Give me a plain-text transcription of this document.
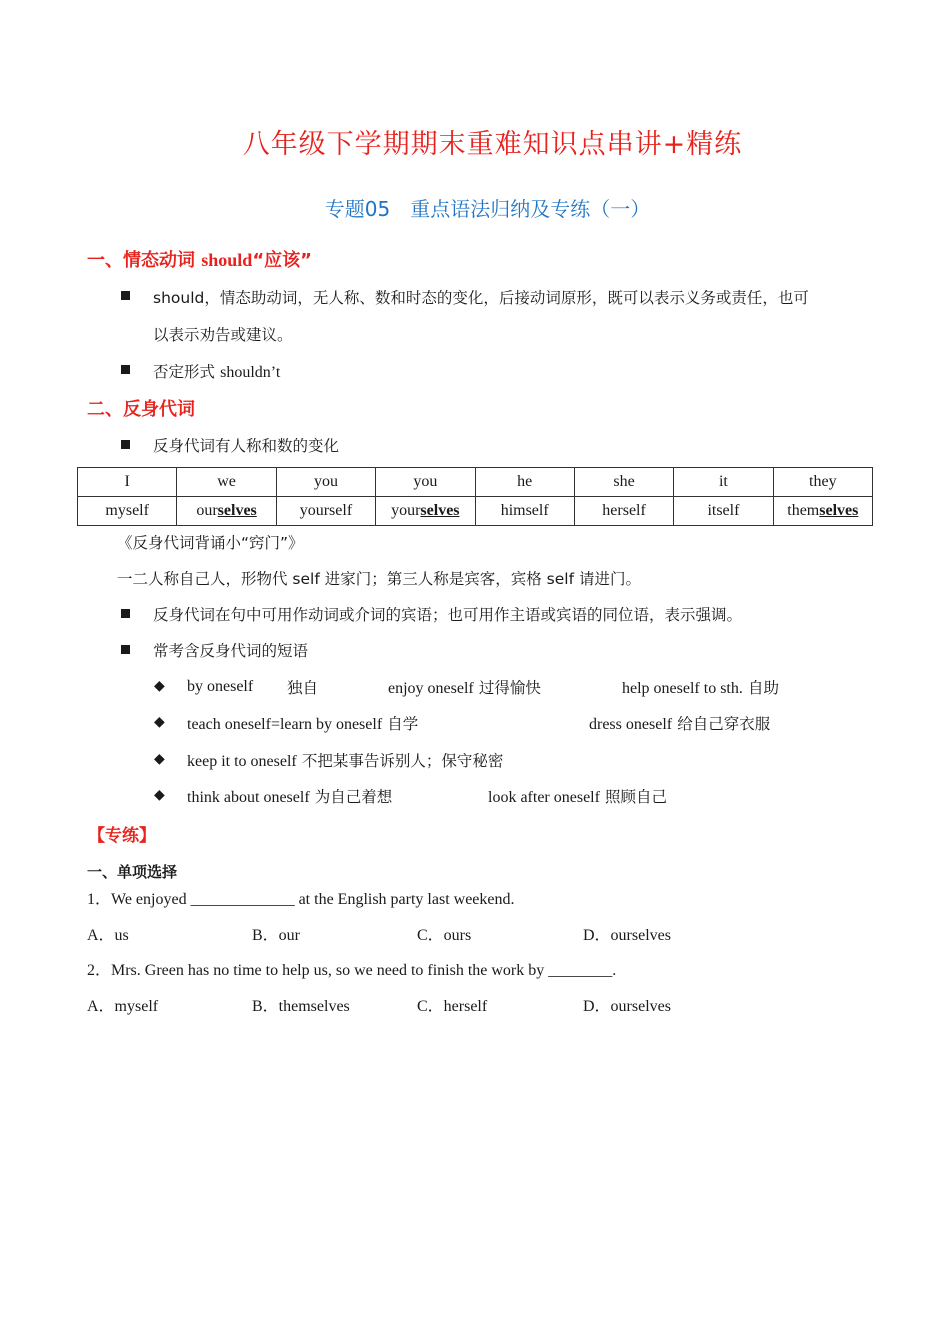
八年级下学期期末重难知识点串讲+精练
专题05　重点语法归纳及专练（一）
一、情态动词 should“应该”
should，情态助动词，无人称、数和时态的变化，后接动词原形，既可以表示义务或责任，也可
以表示劝告或建议。
否定形式 shouldn’t
二、反身代词
反身代词有人称和数的变化
I	we	you	you	he	she	it	they
myself	ourselves	yourself	yourselves	himself	herself	itself	themselves
《反身代词背诵小“窍门”》
一二人称自己人，形物代 self 进家门；第三人称是宾客，宾格 self 请进门。
反身代词在句中可用作动词或介词的宾语；也可用作主语或宾语的同位语，表示强调。
常考含反身代词的短语
◆ by oneself 独自	enjoy oneself 过得愉快	help oneself to sth. 自助
◆ teach oneself=learn by oneself 自学	dress oneself 给自己穿衣服
◆ keep it to oneself 不把某事告诉别人；保守秘密
◆ think about oneself 为自己着想	look after oneself 照顾自己
【专练】
一、单项选择
1．We enjoyed _____________ at the English party last weekend.
A．us	B．our	C．ours	D．ourselves
2．Mrs. Green has no time to help us, so we need to finish the work by ________.
A．myself	B．themselves	C．herself	D．ourselves
